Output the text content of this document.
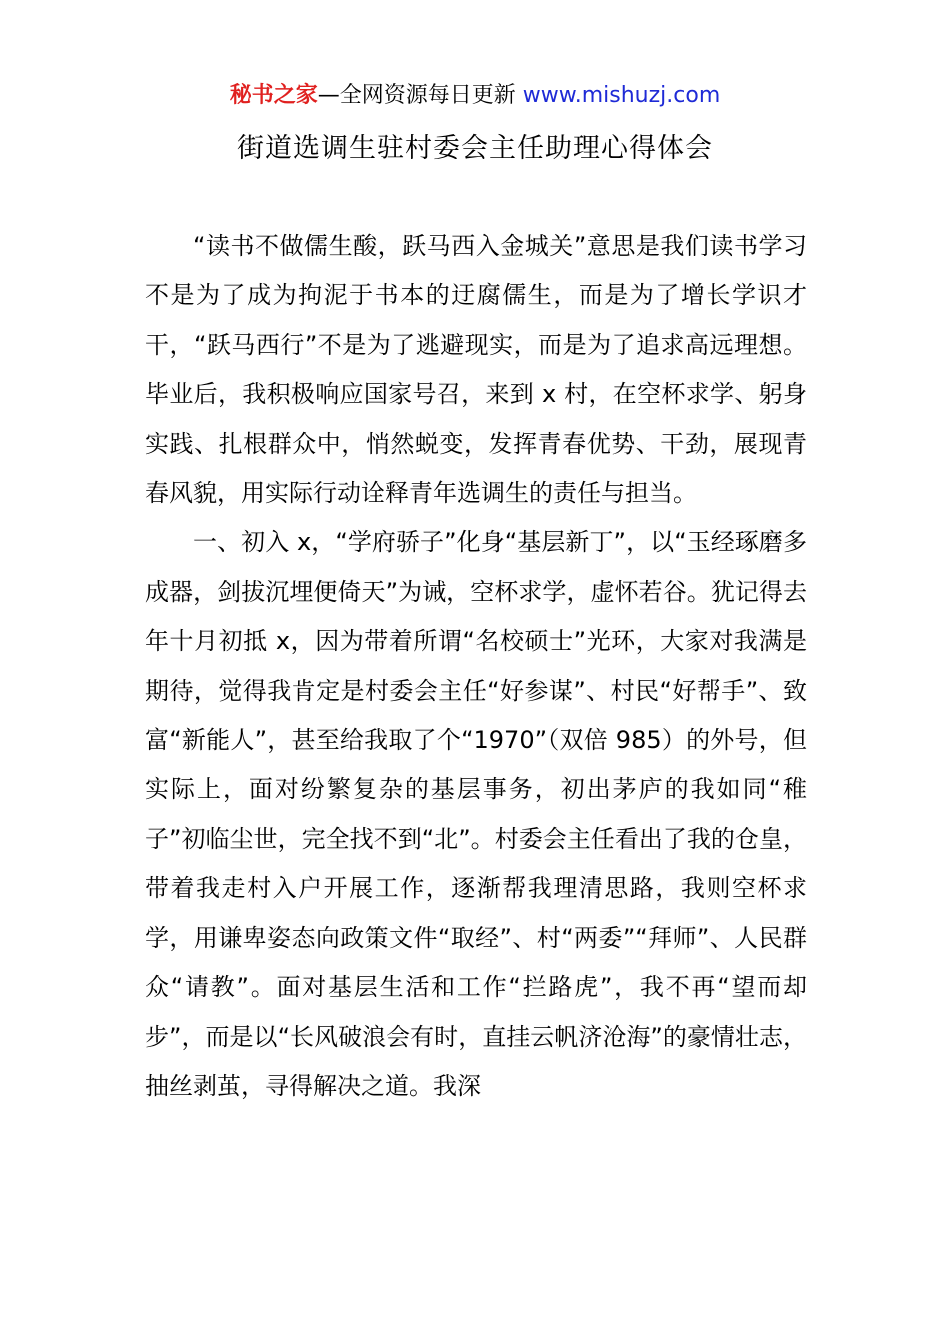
秘书之家—全网资源每日更新 www.mishuzj.com
街道选调生驻村委会主任助理心得体会

“读书不做儒生酸，跃马西入金城关”意思是我们读书学习不是为了成为拘泥于书本的迂腐儒生，而是为了增长学识才干，“跃马西行”不是为了逃避现实，而是为了追求高远理想。毕业后，我积极响应国家号召，来到 x 村，在空杯求学、躬身实践、扎根群众中，悄然蜕变，发挥青春优势、干劲，展现青春风貌，用实际行动诠释青年选调生的责任与担当。

一、初入 x，“学府骄子”化身“基层新丁”，以“玉经琢磨多成器，剑拔沉埋便倚天”为诫，空杯求学，虚怀若谷。犹记得去年十月初抵 x，因为带着所谓“名校硕士”光环，大家对我满是期待，觉得我肯定是村委会主任“好参谋”、村民“好帮手”、致富“新能人”，甚至给我取了个“1970”（双倍 985）的外号，但实际上，面对纷繁复杂的基层事务，初出茅庐的我如同“稚子”初临尘世，完全找不到“北”。村委会主任看出了我的仓皇，带着我走村入户开展工作，逐渐帮我理清思路，我则空杯求学，用谦卑姿态向政策文件“取经”、村“两委”“拜师”、人民群众“请教”。面对基层生活和工作“拦路虎”，我不再“望而却步”，而是以“长风破浪会有时，直挂云帆济沧海”的豪情壮志，抽丝剥茧，寻得解决之道。我深
